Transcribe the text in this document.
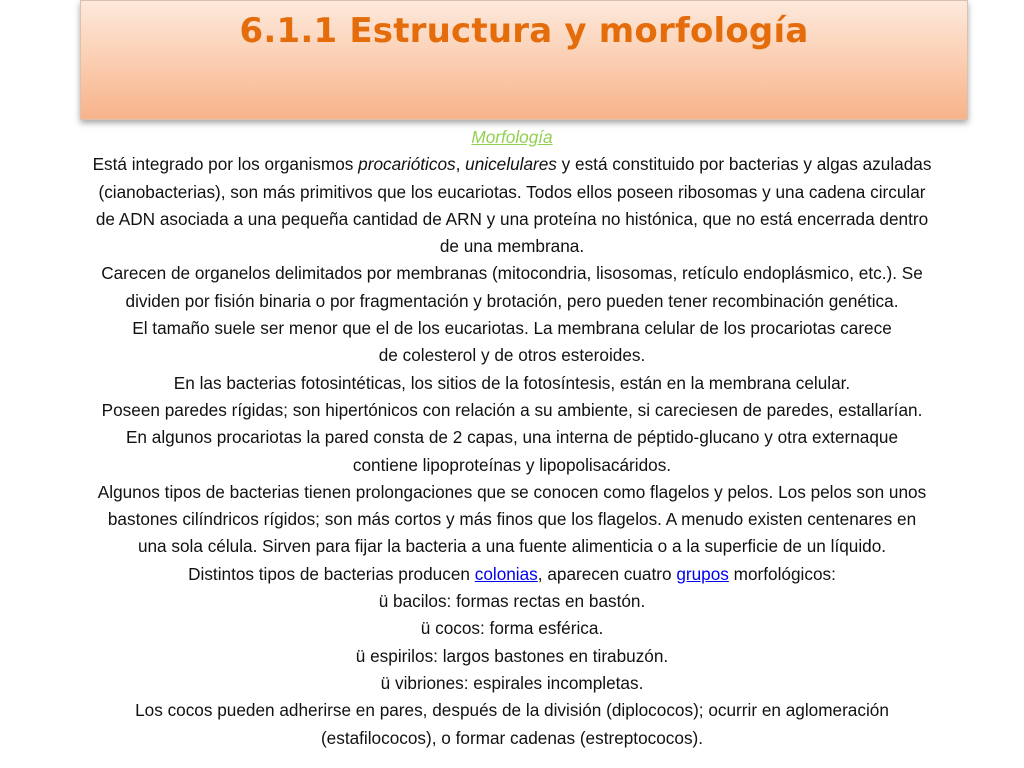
6.1.1 Estructura y morfología
Morfología
Está integrado por los organismos procarióticos, unicelulares y está constituido por bacterias y algas azuladas
(cianobacterias), son más primitivos que los eucariotas. Todos ellos poseen ribosomas y una cadena circular
de ADN asociada a una pequeña cantidad de ARN y una proteína no histónica, que no está encerrada dentro
de una membrana.
Carecen de organelos delimitados por membranas (mitocondria, lisosomas, retículo endoplásmico, etc.). Se
dividen por fisión binaria o por fragmentación y brotación, pero pueden tener recombinación genética.
El tamaño suele ser menor que el de los eucariotas. La membrana celular de los procariotas carece
de colesterol y de otros esteroides.
En las bacterias fotosintéticas, los sitios de la fotosíntesis, están en la membrana celular.
Poseen paredes rígidas; son hipertónicos con relación a su ambiente, si careciesen de paredes, estallarían.
En algunos procariotas la pared consta de 2 capas, una interna de péptido-glucano y otra externaque
contiene lipoproteínas y lipopolisacáridos.
Algunos tipos de bacterias tienen prolongaciones que se conocen como flagelos y pelos. Los pelos son unos
bastones cilíndricos rígidos; son más cortos y más finos que los flagelos. A menudo existen centenares en
una sola célula. Sirven para fijar la bacteria a una fuente alimenticia o a la superficie de un líquido.
Distintos tipos de bacterias producen colonias, aparecen cuatro grupos morfológicos:
ü bacilos: formas rectas en bastón.
ü cocos: forma esférica.
ü espirilos: largos bastones en tirabuzón.
ü vibriones: espirales incompletas.
Los cocos pueden adherirse en pares, después de la división (diplococos); ocurrir en aglomeración
(estafilococos), o formar cadenas (estreptococos).
